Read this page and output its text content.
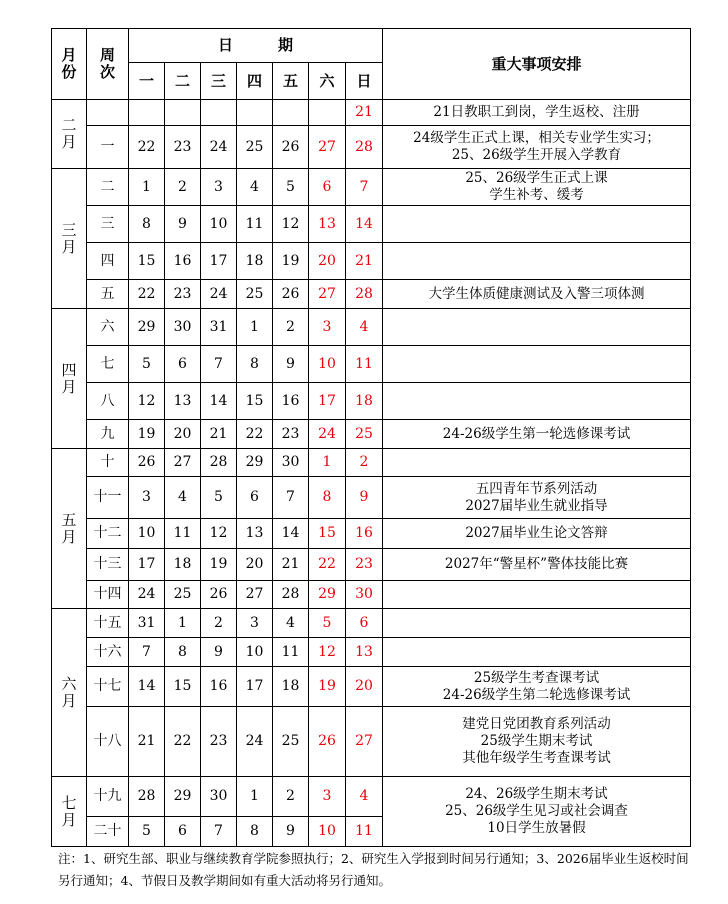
月
份	周
次	日　　　期							重大事项安排
		一	二	三	四	五	六	日	

二
月								21	21日教职工到岗，学生返校、注册

	一	22	23	24	25	26	27	28	24级学生正式上课，相关专业学生实习；
25、26级学生开展入学教育

三
月	二	1	2	3	4	5	6	7	25、26级学生正式上课
学生补考、缓考

	三	8	9	10	11	12	13	14	
	四	15	16	17	18	19	20	21	
	五	22	23	24	25	26	27	28	大学生体质健康测试及入警三项体测

四
月	六	29	30	31	1	2	3	4	
	七	5	6	7	8	9	10	11	
	八	12	13	14	15	16	17	18	
	九	19	20	21	22	23	24	25	24-26级学生第一轮选修课考试

五
月	十	26	27	28	29	30	1	2	
	十一	3	4	5	6	7	8	9	五四青年节系列活动
2027届毕业生就业指导

	十二	10	11	12	13	14	15	16	2027届毕业生论文答辩

	十三	17	18	19	20	21	22	23	2027年“警星杯”警体技能比赛

	十四	24	25	26	27	28	29	30	

六
月	十五	31	1	2	3	4	5	6	
	十六	7	8	9	10	11	12	13	
	十七	14	15	16	17	18	19	20	25级学生考查课考试
24-26级学生第二轮选修课考试

	十八	21	22	23	24	25	26	27	建党日党团教育系列活动
25级学生期末考试
其他年级学生考查课考试

七
月	十九	28	29	30	1	2	3	4	24、26级学生期末考试
25、26级学生见习或社会调查
10日学生放暑假

	二十	5	6	7	8	9	10	11	
注：1、研究生部、职业与继续教育学院参照执行；2、研究生入学报到时间另行通知；3、2026届毕业生返校时间另行通知；4、节假日及教学期间如有重大活动将另行通知。
